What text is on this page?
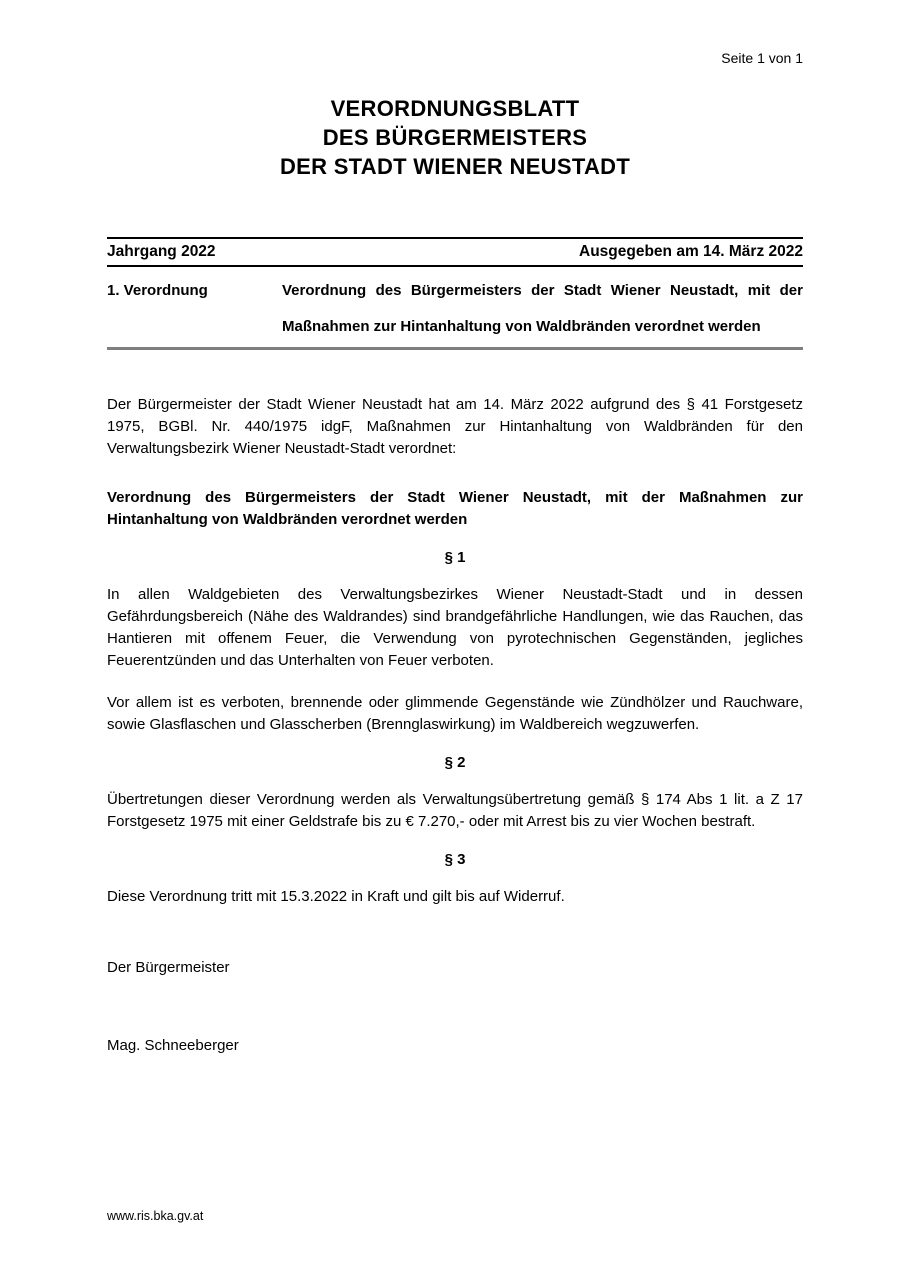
Seite 1 von 1
VERORDNUNGSBLATT
DES BÜRGERMEISTERS
DER STADT WIENER NEUSTADT
Jahrgang 2022	Ausgegeben am 14. März 2022
1. Verordnung	Verordnung des Bürgermeisters der Stadt Wiener Neustadt, mit der Maßnahmen zur Hintanhaltung von Waldbränden verordnet werden

Der Bürgermeister der Stadt Wiener Neustadt hat am 14. März 2022 aufgrund des § 41 Forstgesetz 1975, BGBl. Nr. 440/1975 idgF, Maßnahmen zur Hintanhaltung von Waldbränden für den Verwaltungsbezirk Wiener Neustadt-Stadt verordnet:

Verordnung des Bürgermeisters der Stadt Wiener Neustadt, mit der Maßnahmen zur Hintanhaltung von Waldbränden verordnet werden

§ 1

In allen Waldgebieten des Verwaltungsbezirkes Wiener Neustadt-Stadt und in dessen Gefährdungsbereich (Nähe des Waldrandes) sind brandgefährliche Handlungen, wie das Rauchen, das Hantieren mit offenem Feuer, die Verwendung von pyrotechnischen Gegenständen, jegliches Feuerentzünden und das Unterhalten von Feuer verboten.

Vor allem ist es verboten, brennende oder glimmende Gegenstände wie Zündhölzer und Rauchware, sowie Glasflaschen und Glasscherben (Brennglaswirkung) im Waldbereich wegzuwerfen.

§ 2

Übertretungen dieser Verordnung werden als Verwaltungsübertretung gemäß § 174 Abs 1 lit. a Z 17 Forstgesetz 1975 mit einer Geldstrafe bis zu € 7.270,- oder mit Arrest bis zu vier Wochen bestraft.

§ 3

Diese Verordnung tritt mit 15.3.2022 in Kraft und gilt bis auf Widerruf.

Der Bürgermeister
Mag. Schneeberger
www.ris.bka.gv.at
